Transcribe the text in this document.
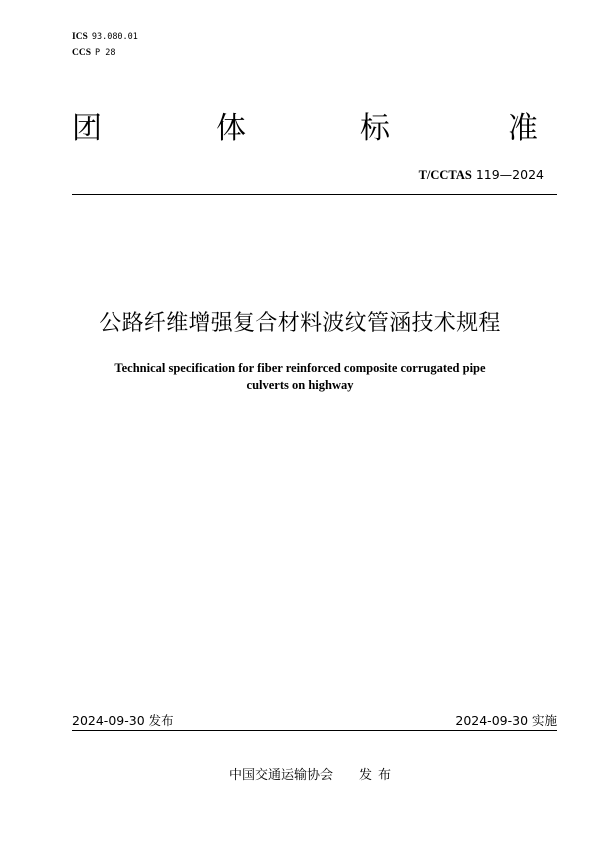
ICS 93.080.01
CCS P 28
团	体	标	准
T/CCTAS 119—2024
公路纤维增强复合材料波纹管涵技术规程
Technical specification for fiber reinforced composite corrugated pipe
culverts on highway
2024-09-30 发布	2024-09-30 实施
中国交通运输协会 发布
